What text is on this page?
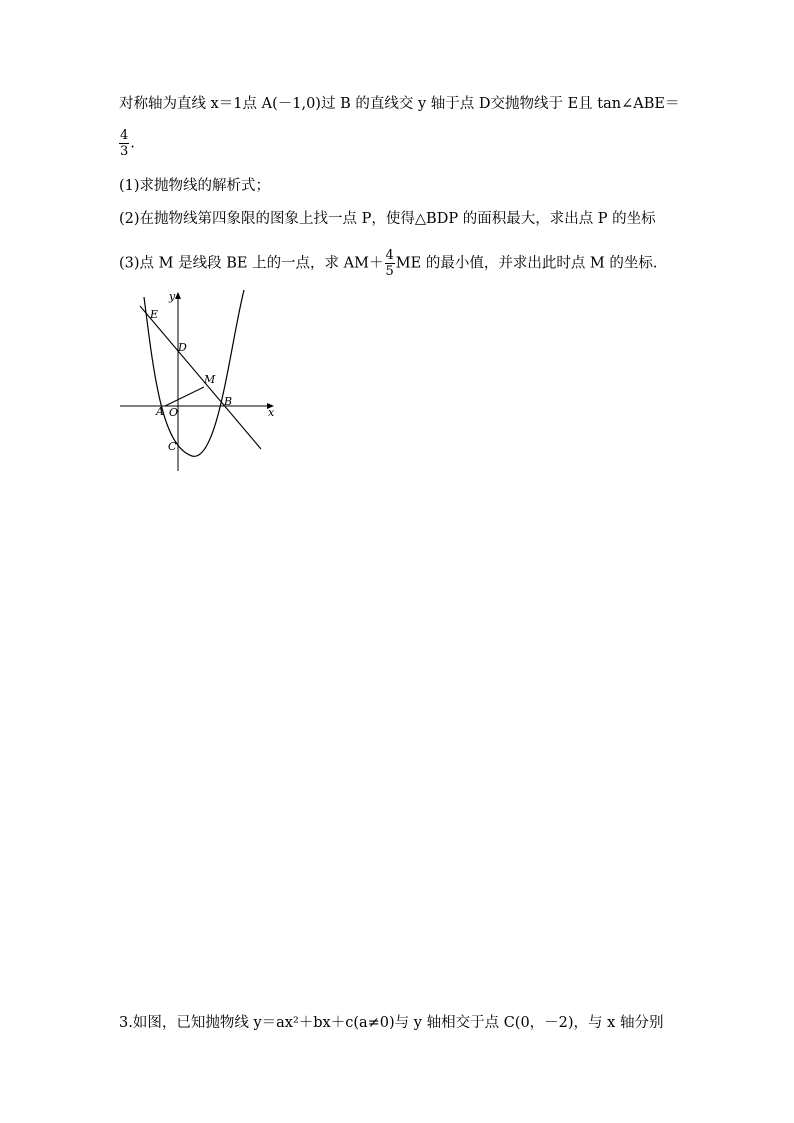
对称轴为直线 x＝1点 A(－1,0)过 B 的直线交 y 轴于点 D交抛物线于 E且 tan∠ABE＝
$\frac{4}{3}$ .
(1)求抛物线的解析式；
(2)在抛物线第四象限的图象上找一点 P，使得△BDP 的面积最大，求出点 P 的坐标
(3)点 M 是线段 BE 上的一点，求 $AM+ \frac{4}{5}$ ME 的最小值，并求出此时点 M 的坐标.
y
x
E
D
M
A O
B
C
3.如图，已知抛物线 y＝ax²＋bx＋c(a≠0)与 y 轴相交于点 C(0，－2)，与 x 轴分别
